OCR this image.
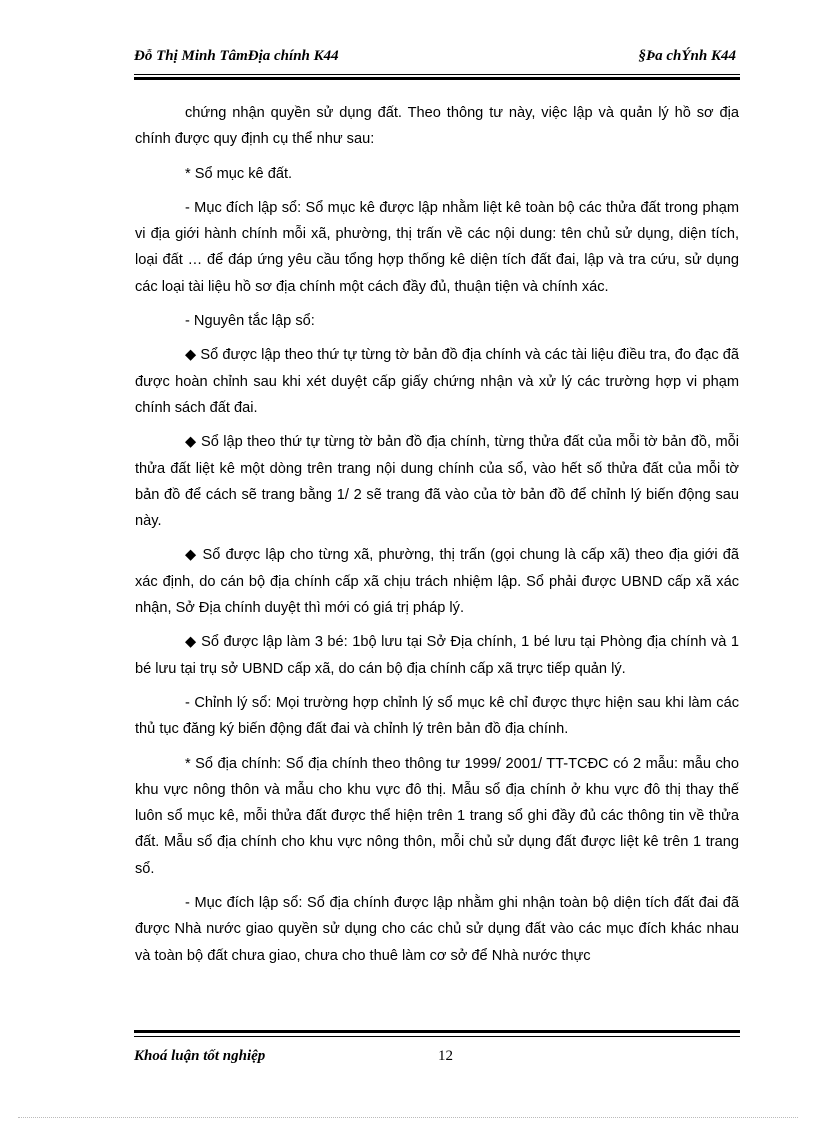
Đỗ Thị Minh TâmĐịa chính K44	§Þa chÝnh K44

chứng nhận quyền sử dụng đất. Theo thông tư này, việc lập và quản lý hồ sơ địa chính được quy định cụ thể như sau:

* Sổ mục kê đất.

- Mục đích lập sổ: Sổ mục kê được lập nhằm liệt kê toàn bộ các thửa đất trong phạm vi địa giới hành chính mỗi xã, phường, thị trấn về các nội dung: tên chủ sử dụng, diện tích, loại đất … để đáp ứng yêu cầu tổng hợp thống kê diện tích đất đai, lập và tra cứu, sử dụng các loại tài liệu hồ sơ địa chính một cách đầy đủ, thuận tiện và chính xác.

- Nguyên tắc lập sổ:

◆ Sổ được lập theo thứ tự từng tờ bản đồ địa chính và các tài liệu điều tra, đo đạc đã được hoàn chỉnh sau khi xét duyệt cấp giấy chứng nhận và xử lý các trường hợp vi phạm chính sách đất đai.

◆ Sổ lập theo thứ tự từng tờ bản đồ địa chính, từng thửa đất của mỗi tờ bản đồ, mỗi thửa đất liệt kê một dòng trên trang nội dung chính của sổ, vào hết số thửa đất của mỗi tờ bản đồ để cách sẽ trang bằng 1/ 2 sẽ trang đã vào của tờ bản đồ để chỉnh lý biến động sau này.

◆ Sổ được lập cho từng xã, phường, thị trấn (gọi chung là cấp xã) theo địa giới đã xác định, do cán bộ địa chính cấp xã chịu trách nhiệm lập. Sổ phải được UBND cấp xã xác nhận, Sở Địa chính duyệt thì mới có giá trị pháp lý.

◆ Sổ được lập làm 3 bé: 1bộ lưu tại Sở Địa chính, 1 bé lưu tại Phòng địa chính và 1 bé lưu tại trụ sở UBND cấp xã, do cán bộ địa chính cấp xã trực tiếp quản lý.

- Chỉnh lý sổ: Mọi trường hợp chỉnh lý sổ mục kê chỉ được thực hiện sau khi làm các thủ tục đăng ký biến động đất đai và chỉnh lý trên bản đồ địa chính.

* Sổ địa chính: Sổ địa chính theo thông tư 1999/ 2001/ TT-TCĐC có 2 mẫu: mẫu cho khu vực nông thôn và mẫu cho khu vực đô thị. Mẫu sổ địa chính ở khu vực đô thị thay thế luôn sổ mục kê, mỗi thửa đất được thể hiện trên 1 trang sổ ghi đầy đủ các thông tin về thửa đất. Mẫu sổ địa chính cho khu vực nông thôn, mỗi chủ sử dụng đất được liệt kê trên 1 trang sổ.

- Mục đích lập sổ: Sổ địa chính được lập nhằm ghi nhận toàn bộ diện tích đất đai đã được Nhà nước giao quyền sử dụng cho các chủ sử dụng đất vào các mục đích khác nhau và toàn bộ đất chưa giao, chưa cho thuê làm cơ sở để Nhà nước thực

Khoá luận tốt nghiệp	12
